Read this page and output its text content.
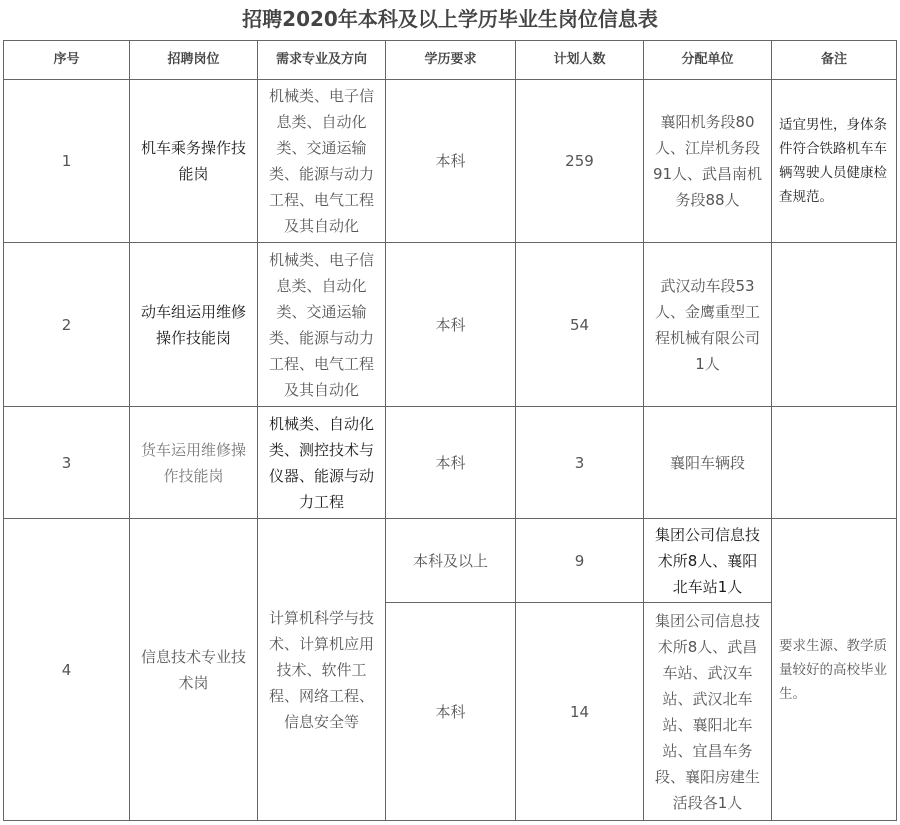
招聘2020年本科及以上学历毕业生岗位信息表
序号	招聘岗位	需求专业及方向	学历要求	计划人数	分配单位	备注
1	机车乘务操作技能岗	机械类、电子信息类、自动化类、交通运输类、能源与动力工程、电气工程及其自动化	本科	259	襄阳机务段80人、江岸机务段91人、武昌南机务段88人	适宜男性，身体条件符合铁路机车车辆驾驶人员健康检查规范。
2	动车组运用维修操作技能岗	机械类、电子信息类、自动化类、交通运输类、能源与动力工程、电气工程及其自动化	本科	54	武汉动车段53人、金鹰重型工程机械有限公司1人	
3	货车运用维修操作技能岗	机械类、自动化类、测控技术与仪器、能源与动力工程	本科	3	襄阳车辆段	
4	信息技术专业技术岗	计算机科学与技术、计算机应用技术、软件工程、网络工程、信息安全等	本科及以上	9	集团公司信息技术所8人、襄阳北车站1人	要求生源、教学质量较好的高校毕业生。
			本科	14	集团公司信息技术所8人、武昌车站、武汉车站、武汉北车站、襄阳北车站、宜昌车务段、襄阳房建生活段各1人	
